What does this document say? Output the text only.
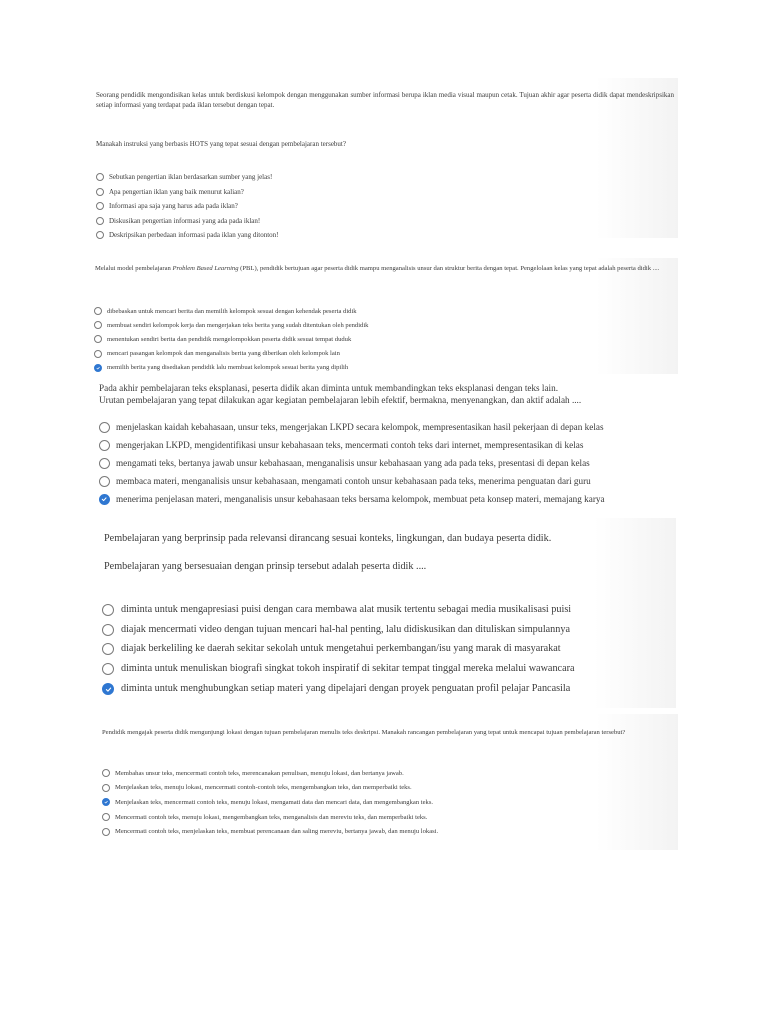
Seorang pendidik mengondisikan kelas untuk berdiskusi kelompok dengan menggunakan sumber informasi berupa iklan media visual maupun cetak. Tujuan akhir agar peserta didik dapat mendeskripsikan setiap informasi yang terdapat pada iklan tersebut dengan tepat.

Manakah instruksi yang berbasis HOTS yang tepat sesuai dengan pembelajaran tersebut?

Sebutkan pengertian iklan berdasarkan sumber yang jelas!
Apa pengertian iklan yang baik menurut kalian?
Informasi apa saja yang harus ada pada iklan?
Diskusikan pengertian informasi yang ada pada iklan!
Deskripsikan perbedaan informasi pada iklan yang ditonton!

Melalui model pembelajaran Problem Based Learning (PBL), pendidik bertujuan agar peserta didik mampu menganalisis unsur dan struktur berita dengan tepat. Pengelolaan kelas yang tepat adalah peserta didik ....

dibebaskan untuk mencari berita dan memilih kelompok sesuai dengan kehendak peserta didik
membuat sendiri kelompok kerja dan mengerjakan teks berita yang sudah ditentukan oleh pendidik
menentukan sendiri berita dan pendidik mengelompokkan peserta didik sesuai tempat duduk
mencari pasangan kelompok dan menganalisis berita yang diberikan oleh kelompok lain
memilih berita yang disediakan pendidik lalu membuat kelompok sesuai berita yang dipilih

Pada akhir pembelajaran teks eksplanasi, peserta didik akan diminta untuk membandingkan teks eksplanasi dengan teks lain.

Urutan pembelajaran yang tepat dilakukan agar kegiatan pembelajaran lebih efektif, bermakna, menyenangkan, dan aktif adalah ....

menjelaskan kaidah kebahasaan, unsur teks, mengerjakan LKPD secara kelompok, mempresentasikan hasil pekerjaan di depan kelas
mengerjakan LKPD, mengidentifikasi unsur kebahasaan teks, mencermati contoh teks dari internet, mempresentasikan di kelas
mengamati teks, bertanya jawab unsur kebahasaan, menganalisis unsur kebahasaan yang ada pada teks, presentasi di depan kelas
membaca materi, menganalisis unsur kebahasaan, mengamati contoh unsur kebahasaan pada teks, menerima penguatan dari guru
menerima penjelasan materi, menganalisis unsur kebahasaan teks bersama kelompok, membuat peta konsep materi, memajang karya

Pembelajaran yang berprinsip pada relevansi dirancang sesuai konteks, lingkungan, dan budaya peserta didik.

Pembelajaran yang bersesuaian dengan prinsip tersebut adalah peserta didik ....

diminta untuk mengapresiasi puisi dengan cara membawa alat musik tertentu sebagai media musikalisasi puisi
diajak mencermati video dengan tujuan mencari hal-hal penting, lalu didiskusikan dan dituliskan simpulannya
diajak berkeliling ke daerah sekitar sekolah untuk mengetahui perkembangan/isu yang marak di masyarakat
diminta untuk menuliskan biografi singkat tokoh inspiratif di sekitar tempat tinggal mereka melalui wawancara
diminta untuk menghubungkan setiap materi yang dipelajari dengan proyek penguatan profil pelajar Pancasila

Pendidik mengajak peserta didik mengunjungi lokasi dengan tujuan pembelajaran menulis teks deskripsi. Manakah rancangan pembelajaran yang tepat untuk mencapai tujuan pembelajaran tersebut?

Membahas unsur teks, mencermati contoh teks, merencanakan penulisan, menuju lokasi, dan bertanya jawab.
Menjelaskan teks, menuju lokasi, mencermati contoh-contoh teks, mengembangkan teks, dan memperbaiki teks.
Menjelaskan teks, mencermati contoh teks, menuju lokasi, mengamati data dan mencari data, dan mengembangkan teks.
Mencermati contoh teks, menuju lokasi, mengembangkan teks, menganalisis dan mereviu teks, dan memperbaiki teks.
Mencermati contoh teks, menjelaskan teks, membuat perencanaan dan saling mereviu, bertanya jawab, dan menuju lokasi.
